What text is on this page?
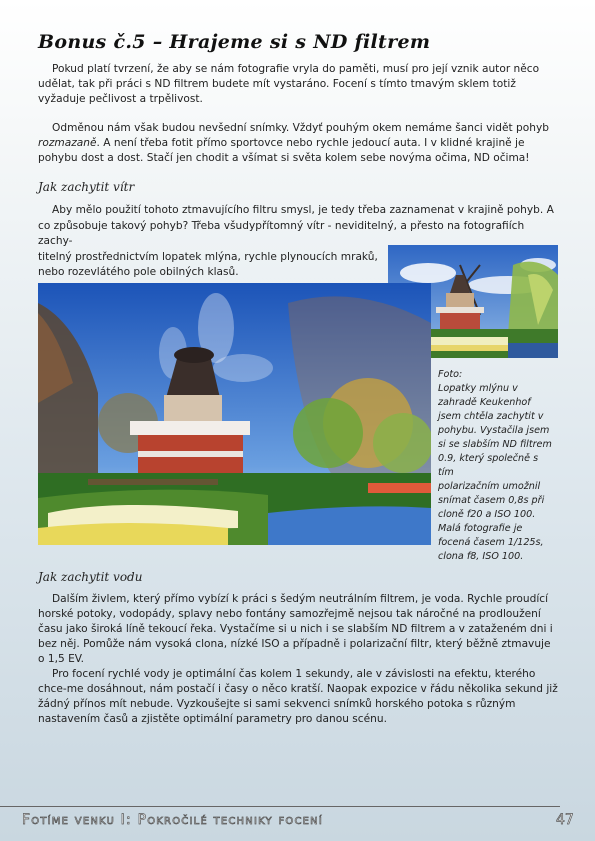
Bonus č.5 – Hrajeme si s ND filtrem

Pokud platí tvrzení, že aby se nám fotografie vryla do paměti, musí pro její vznik autor něco udělat, tak při práci s ND filtrem budete mít vystaráno. Focení s tímto tmavým sklem totiž vyžaduje pečlivost a trpělivost.

Odměnou nám však budou nevšední snímky. Vždyť pouhým okem nemáme šanci vidět pohyb rozmazaně. A není třeba fotit přímo sportovce nebo rychle jedoucí auta. I v klidné krajině je pohybu dost a dost. Stačí jen chodit a všímat si světa kolem sebe novýma očima, ND očima!

Jak zachytit vítr
Aby mělo použití tohoto ztmavujícího filtru smysl, je tedy třeba zaznamenat v krajině pohyb. A
co způsobuje takový pohyb? Třeba všudypřítomný vítr - neviditelný, a přesto na fotografiích zachy-
titelný prostřednictvím lopatek mlýna, rychle plynoucích mraků,
nebo rozevlátého pole obilných klasů.
Foto:
Lopatky mlýnu v
zahradě Keukenhof
jsem chtěla zachytit v
pohybu. Vystačila jsem
si se slabším ND filtrem
0.9, který společně s tím
polarizačním umožnil
snímat časem 0,8s při
cloně f20 a ISO 100.
Malá fotografie je
focená časem 1/125s,
clona f8, ISO 100.
Jak zachytit vodu

Dalším živlem, který přímo vybízí k práci s šedým neutrálním filtrem, je voda. Rychle proudící horské potoky, vodopády, splavy nebo fontány samozřejmě nejsou tak náročné na prodloužení času jako široká líně tekoucí řeka. Vystačíme si u nich i se slabším ND filtrem a v zataženém dni i bez něj. Pomůže nám vysoká clona, nízké ISO a případně i polarizační filtr, který běžně ztmavuje o 1,5 EV.

Pro focení rychlé vody je optimální čas kolem 1 sekundy, ale v závislosti na efektu, kterého chce-me dosáhnout, nám postačí i časy o něco kratší. Naopak expozice v řádu několika sekund již žádný přínos mít nebude. Vyzkoušejte si sami sekvenci snímků horského potoka s různým nastavením časů a zjistěte optimální parametry pro danou scénu.

Fotíme venku I: Pokročilé techniky focení	47
